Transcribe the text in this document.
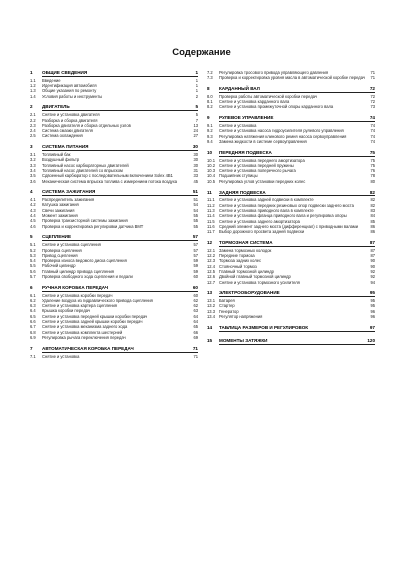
Содержание
1	ОБЩИЕ СВЕДЕНИЯ	1
1.1	Введение	1
1.2	Идентификация автомобиля	1
1.3	Общие указания по ремонту	1
1.4	Условия работы и инструменты	2
2	ДВИГАТЕЛЬ	5
2.1	Снятие и установка двигателя	5
2.2	Разборка и сборка двигателя	7
2.3	Разборка двигателя и сборка отдельных узлов	13
2.4	Система смазки двигателя	24
2.5	Система охлаждения	27
3	СИСТЕМА ПИТАНИЯ	30
3.1	Топливный бак	30
3.2	Воздушный фильтр	30
3.3	Топливный насос карбюраторных двигателей	30
3.4	Топливный насос двигателей со впрыском	31
3.5	Сдвоенный карбюратор с последовательным включением Solex 4B1	33
3.6	Механическая система впрыска топлива с измерением потока воздуха	45
4	СИСТЕМА ЗАЖИГАНИЯ	51
4.1	Распределитель зажигания	51
4.2	Катушка зажигания	54
4.3	Свечи зажигания	54
4.4	Момент зажигания	55
4.5	Проверка транзисторной системы зажигания	55
4.6	Проверка и корректировка регулировки датчика BMT	55
5	СЦЕПЛЕНИЕ	57
5.1	Снятие и установка сцепления	57
5.2	Проверка сцепления	57
5.3	Привод сцепления	57
5.4	Проверка износа ведомого диска сцепления	59
5.5	Рабочий цилиндр	59
5.6	Главный цилиндр привода сцепления	59
5.7	Проверка свободного хода сцепления и педали	60
6	РУЧНАЯ КОРОБКА ПЕРЕДАЧ	60
6.1	Снятие и установка коробки передач	60
6.2	Удаление воздуха из гидравлического привода сцепления	62
6.3	Снятие и установка картера сцепления	62
6.4	Крышка коробки передач	63
6.5	Снятие и установка передней крышки коробки передач	64
6.6	Снятие и установка задней крышки коробки передач	64
6.7	Снятие и установка механизма заднего хода	65
6.8	Снятие и установка комплекта шестерней	66
6.9	Регулировка рычага переключения передач	69
7	АВТОМАТИЧЕСКАЯ КОРОБКА ПЕРЕДАЧ	71
7.1	Снятие и установка	71
7.2	Регулировка тросового привода управляющего давления	71
7.3	Проверка и корректировка уровня масла в автоматической коробке передач	71
8	КАРДАННЫЙ ВАЛ	72
8.0	Проверка работы автоматической коробки передач	72
8.1	Снятие и установка карданного вала	72
8.2	Снятие и установка промежуточной опоры карданного вала	73
9	РУЛЕВОЕ УПРАВЛЕНИЕ	74
9.1	Снятие и установка	74
9.2	Снятие и установка насоса гидроусилителя рулевого управления	74
9.3	Регулировка натяжения клинового ремня насоса сервоуправления	74
9.4	Замена жидкости в системе сервоуправления	74
10	ПЕРЕДНЯЯ ПОДВЕСКА	75
10.1 Снятие и установка переднего амортизатора	75
10.2 Снятие и установка передней пружины	75
10.3 Снятие и установка поперечного рычага	76
10.4 Подшипник ступицы	78
10.5 Регулировка углов установки передних колес	80
11	ЗАДНЯЯ ПОДВЕСКА	82
11.1	Снятие и установка задней подвески в комплекте	82
11.2	Снятие и установка передних резиновых опор подвески заднего моста	82
11.3	Снятие и установка приводного вала в комплекте	83
11.4	Снятие и установка фланца приводного вала и регулировка опоры	84
11.5	Снятие и установка заднего амортизатора	85
11.6	Средний элемент заднего моста (дифференциал) с приводными валами	86
11.7	Выбор дорожного просвета задней подвески	86
12	ТОРМОЗНАЯ СИСТЕМА	87
12.1 Замена тормозных колодок	87
12.2 Передние тормоза	87
12.3 Тормоза задних колес	90
12.4 Стояночный тормоз	90
12.5 Главный тормозной цилиндр	92
12.6 Двойной главный тормозной цилиндр	92
12.7 Снятие и установка тормозного усилителя	94
13	ЭЛЕКТРООБОРУДОВАНИЕ	95
13.1 Батарея	95
13.2 Стартер	95
13.3 Генератор	96
13.4 Регулятор напряжения	96
14	ТАБЛИЦА РАЗМЕРОВ И РЕГУЛИРОВОК	97
15	МОМЕНТЫ ЗАТЯЖКИ	120
